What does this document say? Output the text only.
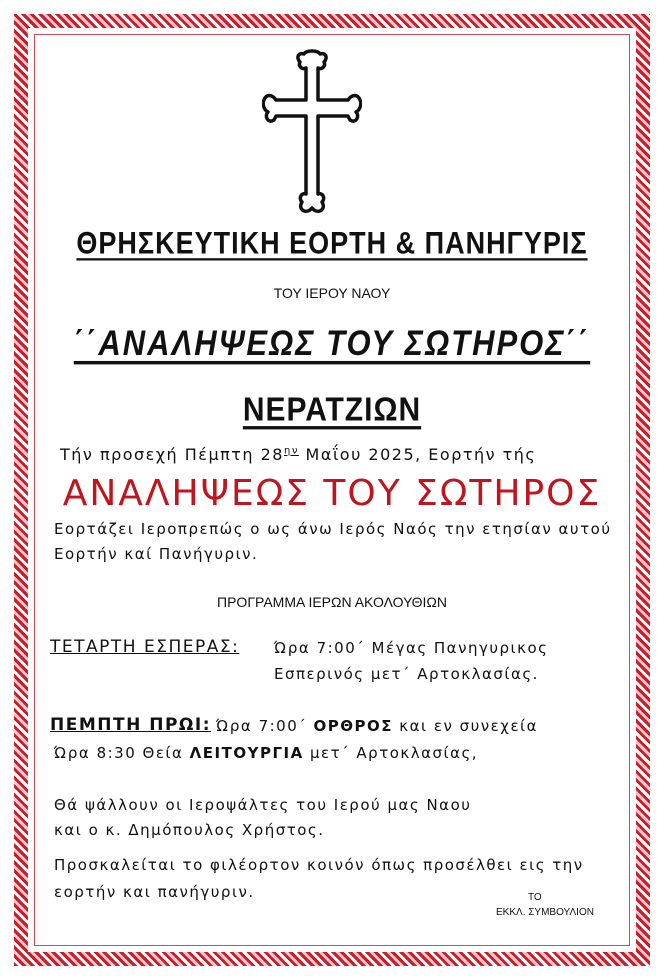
ΘΡΗΣΚΕΥΤΙΚΗ ΕΟΡΤΗ & ΠΑΝΗΓΥΡΙΣ
ΤΟΥ ΙΕΡΟΥ ΝΑΟΥ
΄΄ΑΝΑΛΗΨΕΩΣ ΤΟΥ ΣΩΤΗΡΟΣ΄΄
ΝΕΡΑΤΖΙΩΝ
Τήν προσεχή Πέμπτη $28^{\eta\nu}$ Μαΐου 2025, Εορτήν τής
ΑΝΑΛΗΨΕΩΣ ΤΟΥ ΣΩΤΗΡΟΣ
Εορτάζει Ιεροπρεπώς ο ως άνω Ιερός Ναός την ετησίαν αυτού
Εορτήν καί Πανήγυριν.
ΠΡΟΓΡΑΜΜΑ ΙΕΡΩΝ ΑΚΟΛΟΥΘΙΩΝ
ΤΕΤΑΡΤΗ ΕΣΠΕΡΑΣ: Ώρα 7:00΄ Μέγας Πανηγυρικος
Εσπερινός μετ΄ Αρτοκλασίας.
ΠΕΜΠΤΗ ΠΡΩΙ: Ώρα 7:00΄ ΟΡΘΡΟΣ και εν συνεχεία
Ώρα 8:30 Θεία ΛΕΙΤΟΥΡΓΙΑ μετ΄ Αρτοκλασίας,
Θά ψάλλουν οι Ιεροψάλτες του Ιερού μας Ναου
και ο κ. Δημόπουλος Χρήστος.
Προσκαλείται το φιλέορτον κοινόν όπως προσέλθει εις την
εορτήν και πανήγυριν.	ΤΟ
ΕΚΚΛ. ΣΥΜΒΟΥΛΙΟΝ
